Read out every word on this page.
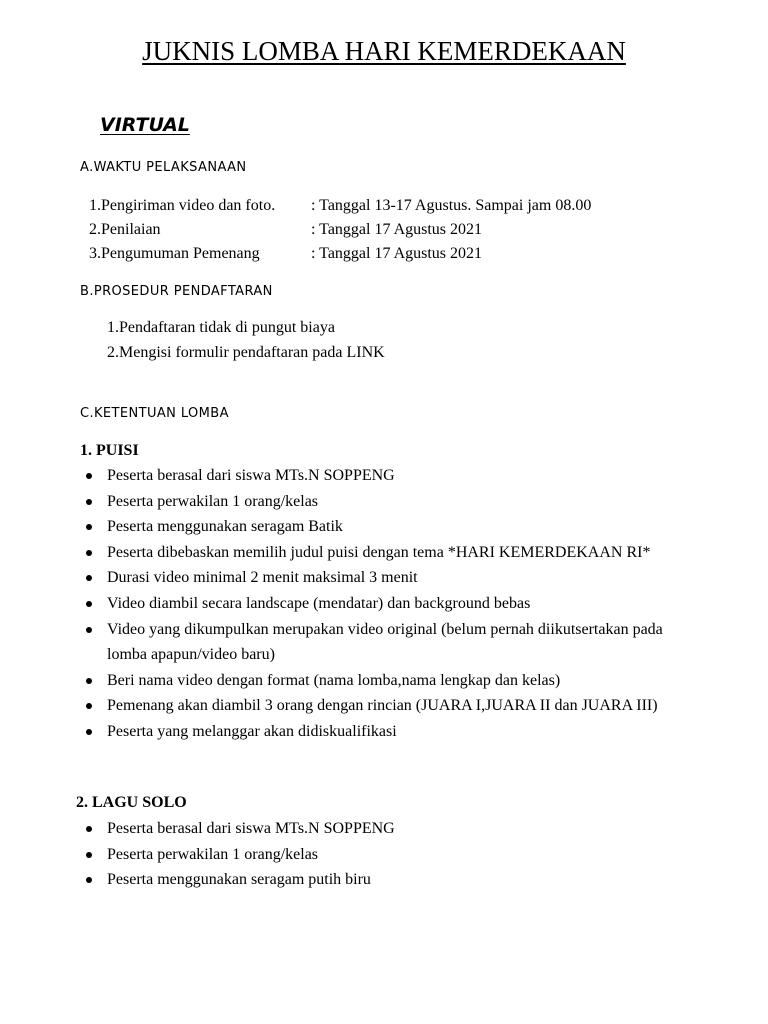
JUKNIS LOMBA HARI KEMERDEKAAN
VIRTUAL
A.WAKTU PELAKSANAAN
1.Pengiriman video dan foto. : Tanggal 13-17 Agustus. Sampai jam 08.00
2.Penilaian	: Tanggal 17 Agustus 2021
3.Pengumuman Pemenang	: Tanggal 17 Agustus 2021
B.PROSEDUR PENDAFTARAN
1.Pendaftaran tidak di pungut biaya
2.Mengisi formulir pendaftaran pada LINK
C.KETENTUAN LOMBA
1. PUISI
Peserta berasal dari siswa MTs.N SOPPENG
Peserta perwakilan 1 orang/kelas
Peserta menggunakan seragam Batik
Peserta dibebaskan memilih judul puisi dengan tema *HARI KEMERDEKAAN RI*
Durasi video minimal 2 menit maksimal 3 menit
Video diambil secara landscape (mendatar) dan background bebas
Video yang dikumpulkan merupakan video original (belum pernah diikutsertakan pada
lomba apapun/video baru)
Beri nama video dengan format (nama lomba,nama lengkap dan kelas)
Pemenang akan diambil 3 orang dengan rincian (JUARA I,JUARA II dan JUARA III)
Peserta yang melanggar akan didiskualifikasi
2. LAGU SOLO
Peserta berasal dari siswa MTs.N SOPPENG
Peserta perwakilan 1 orang/kelas
Peserta menggunakan seragam putih biru
